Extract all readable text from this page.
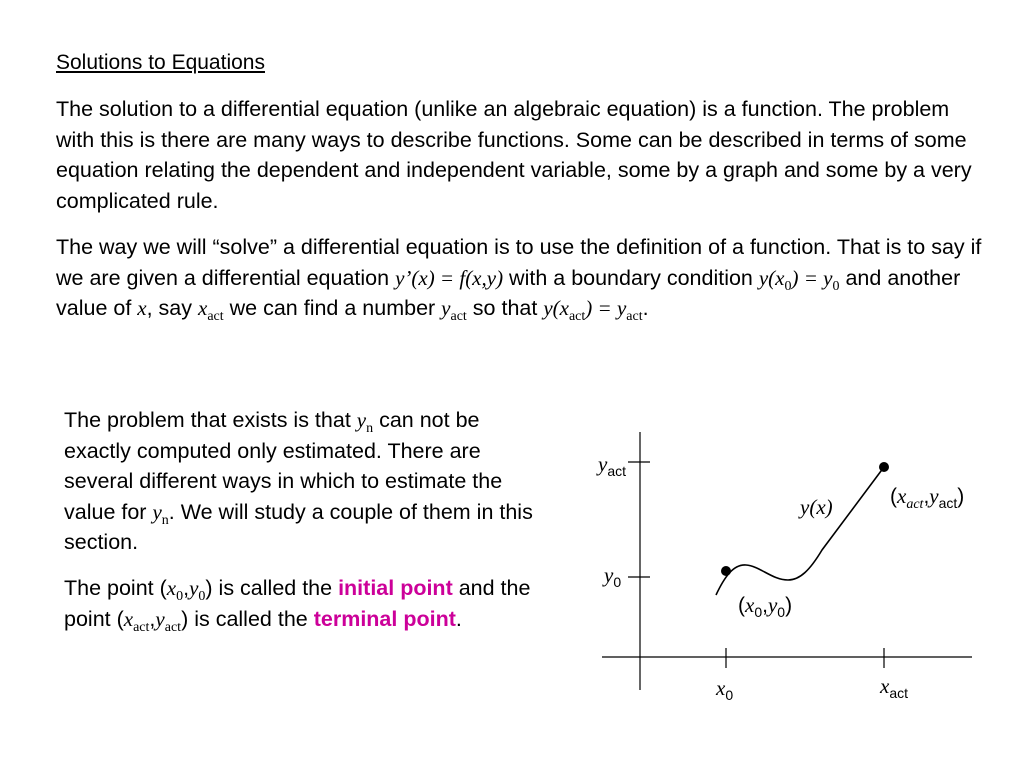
Solutions to Equations

The solution to a differential equation (unlike an algebraic equation) is a function. The problem with this is there are many ways to describe functions. Some can be described in terms of some equation relating the dependent and independent variable, some by a graph and some by a very complicated rule.

The way we will “solve” a differential equation is to use the definition of a function. That is to say if we are given a differential equation y’(x) = f(x,y) with a boundary condition $y(x_0) = y_0$ and another value of x, say $x_{act}$ we can find a number $y_{act}$ so that $y(x_{act}) = y_{act}$.

The problem that exists is that $y_n$ can not be exactly computed only estimated. There are several different ways in which to estimate the value for $y_n$. We will study a couple of them in this section.

The point $(x_0,y_0)$ is called the initial point and the point $(x_{act},y_{act})$ is called the terminal point.

$y_{act}$
$y_0$
$x_0$	$x_{act}$
y(x)	$(x_{act},y_{act})$
$(x_0,y_0)$
